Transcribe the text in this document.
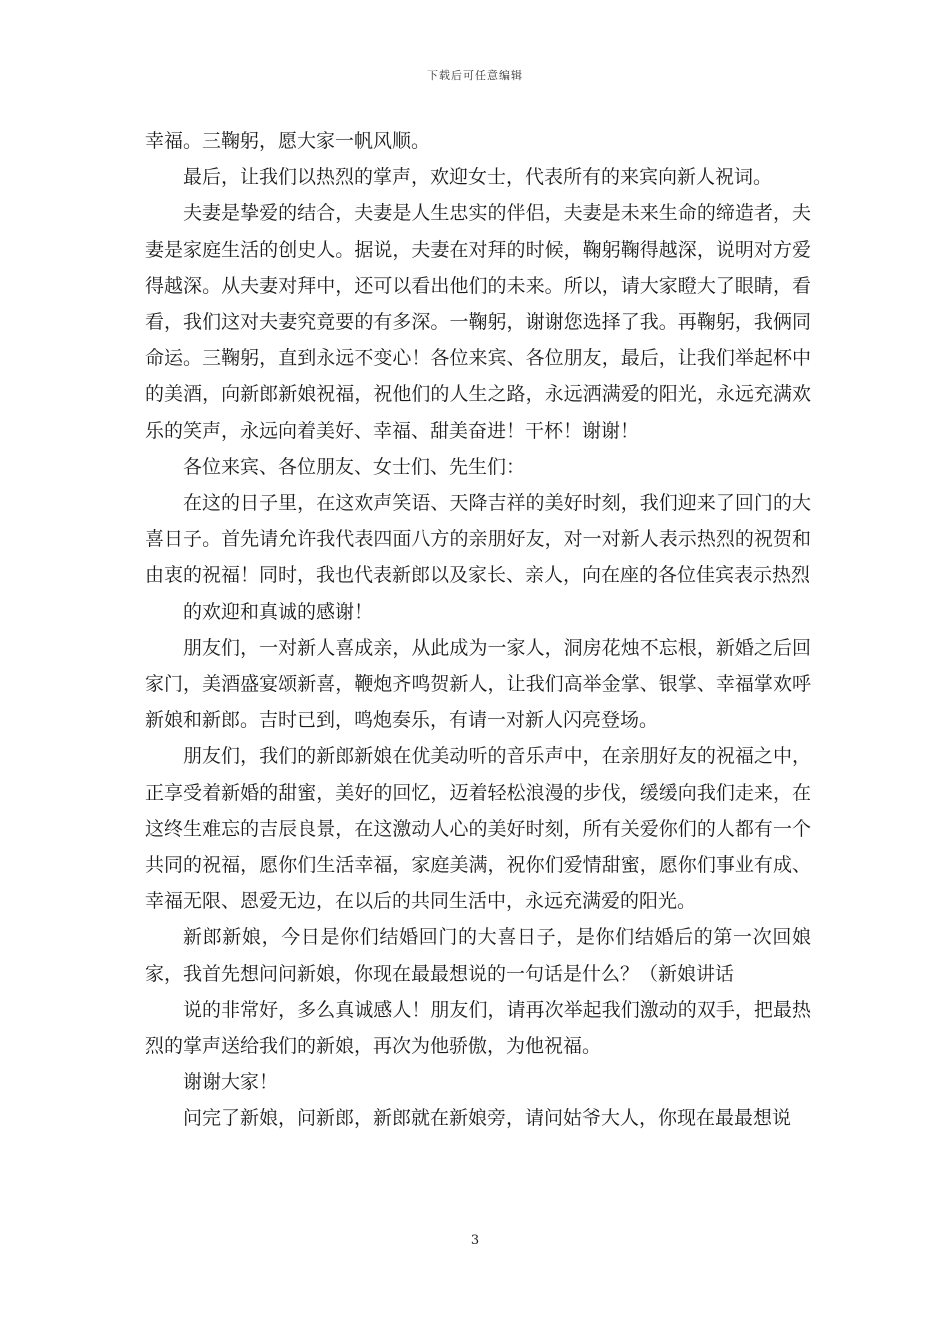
下载后可任意编辑

幸福。三鞠躬，愿大家一帆风顺。

最后，让我们以热烈的掌声，欢迎女士，代表所有的来宾向新人祝词。

夫妻是挚爱的结合，夫妻是人生忠实的伴侣，夫妻是未来生命的缔造者，夫妻是家庭生活的创史人。据说，夫妻在对拜的时候，鞠躬鞠得越深，说明对方爱得越深。从夫妻对拜中，还可以看出他们的未来。所以，请大家瞪大了眼睛，看看，我们这对夫妻究竟要的有多深。一鞠躬，谢谢您选择了我。再鞠躬，我俩同命运。三鞠躬，直到永远不变心！各位来宾、各位朋友，最后，让我们举起杯中的美酒，向新郎新娘祝福，祝他们的人生之路，永远洒满爱的阳光，永远充满欢乐的笑声，永远向着美好、幸福、甜美奋进！干杯！谢谢！

各位来宾、各位朋友、女士们、先生们：

在这的日子里，在这欢声笑语、天降吉祥的美好时刻，我们迎来了回门的大喜日子。首先请允许我代表四面八方的亲朋好友，对一对新人表示热烈的祝贺和由衷的祝福！同时，我也代表新郎以及家长、亲人，向在座的各位佳宾表示热烈

的欢迎和真诚的感谢！

朋友们，一对新人喜成亲，从此成为一家人，洞房花烛不忘根，新婚之后回家门，美酒盛宴颂新喜，鞭炮齐鸣贺新人，让我们高举金掌、银掌、幸福掌欢呼新娘和新郎。吉时已到，鸣炮奏乐，有请一对新人闪亮登场。

朋友们，我们的新郎新娘在优美动听的音乐声中，在亲朋好友的祝福之中，正享受着新婚的甜蜜，美好的回忆，迈着轻松浪漫的步伐，缓缓向我们走来，在这终生难忘的吉辰良景，在这激动人心的美好时刻，所有关爱你们的人都有一个共同的祝福，愿你们生活幸福，家庭美满，祝你们爱情甜蜜，愿你们事业有成、幸福无限、恩爱无边，在以后的共同生活中，永远充满爱的阳光。

新郎新娘，今日是你们结婚回门的大喜日子，是你们结婚后的第一次回娘家，我首先想问问新娘，你现在最最想说的一句话是什么？（新娘讲话

说的非常好，多么真诚感人！朋友们，请再次举起我们激动的双手，把最热烈的掌声送给我们的新娘，再次为他骄傲，为他祝福。

谢谢大家！

问完了新娘，问新郎，新郎就在新娘旁，请问姑爷大人，你现在最最想说

3
